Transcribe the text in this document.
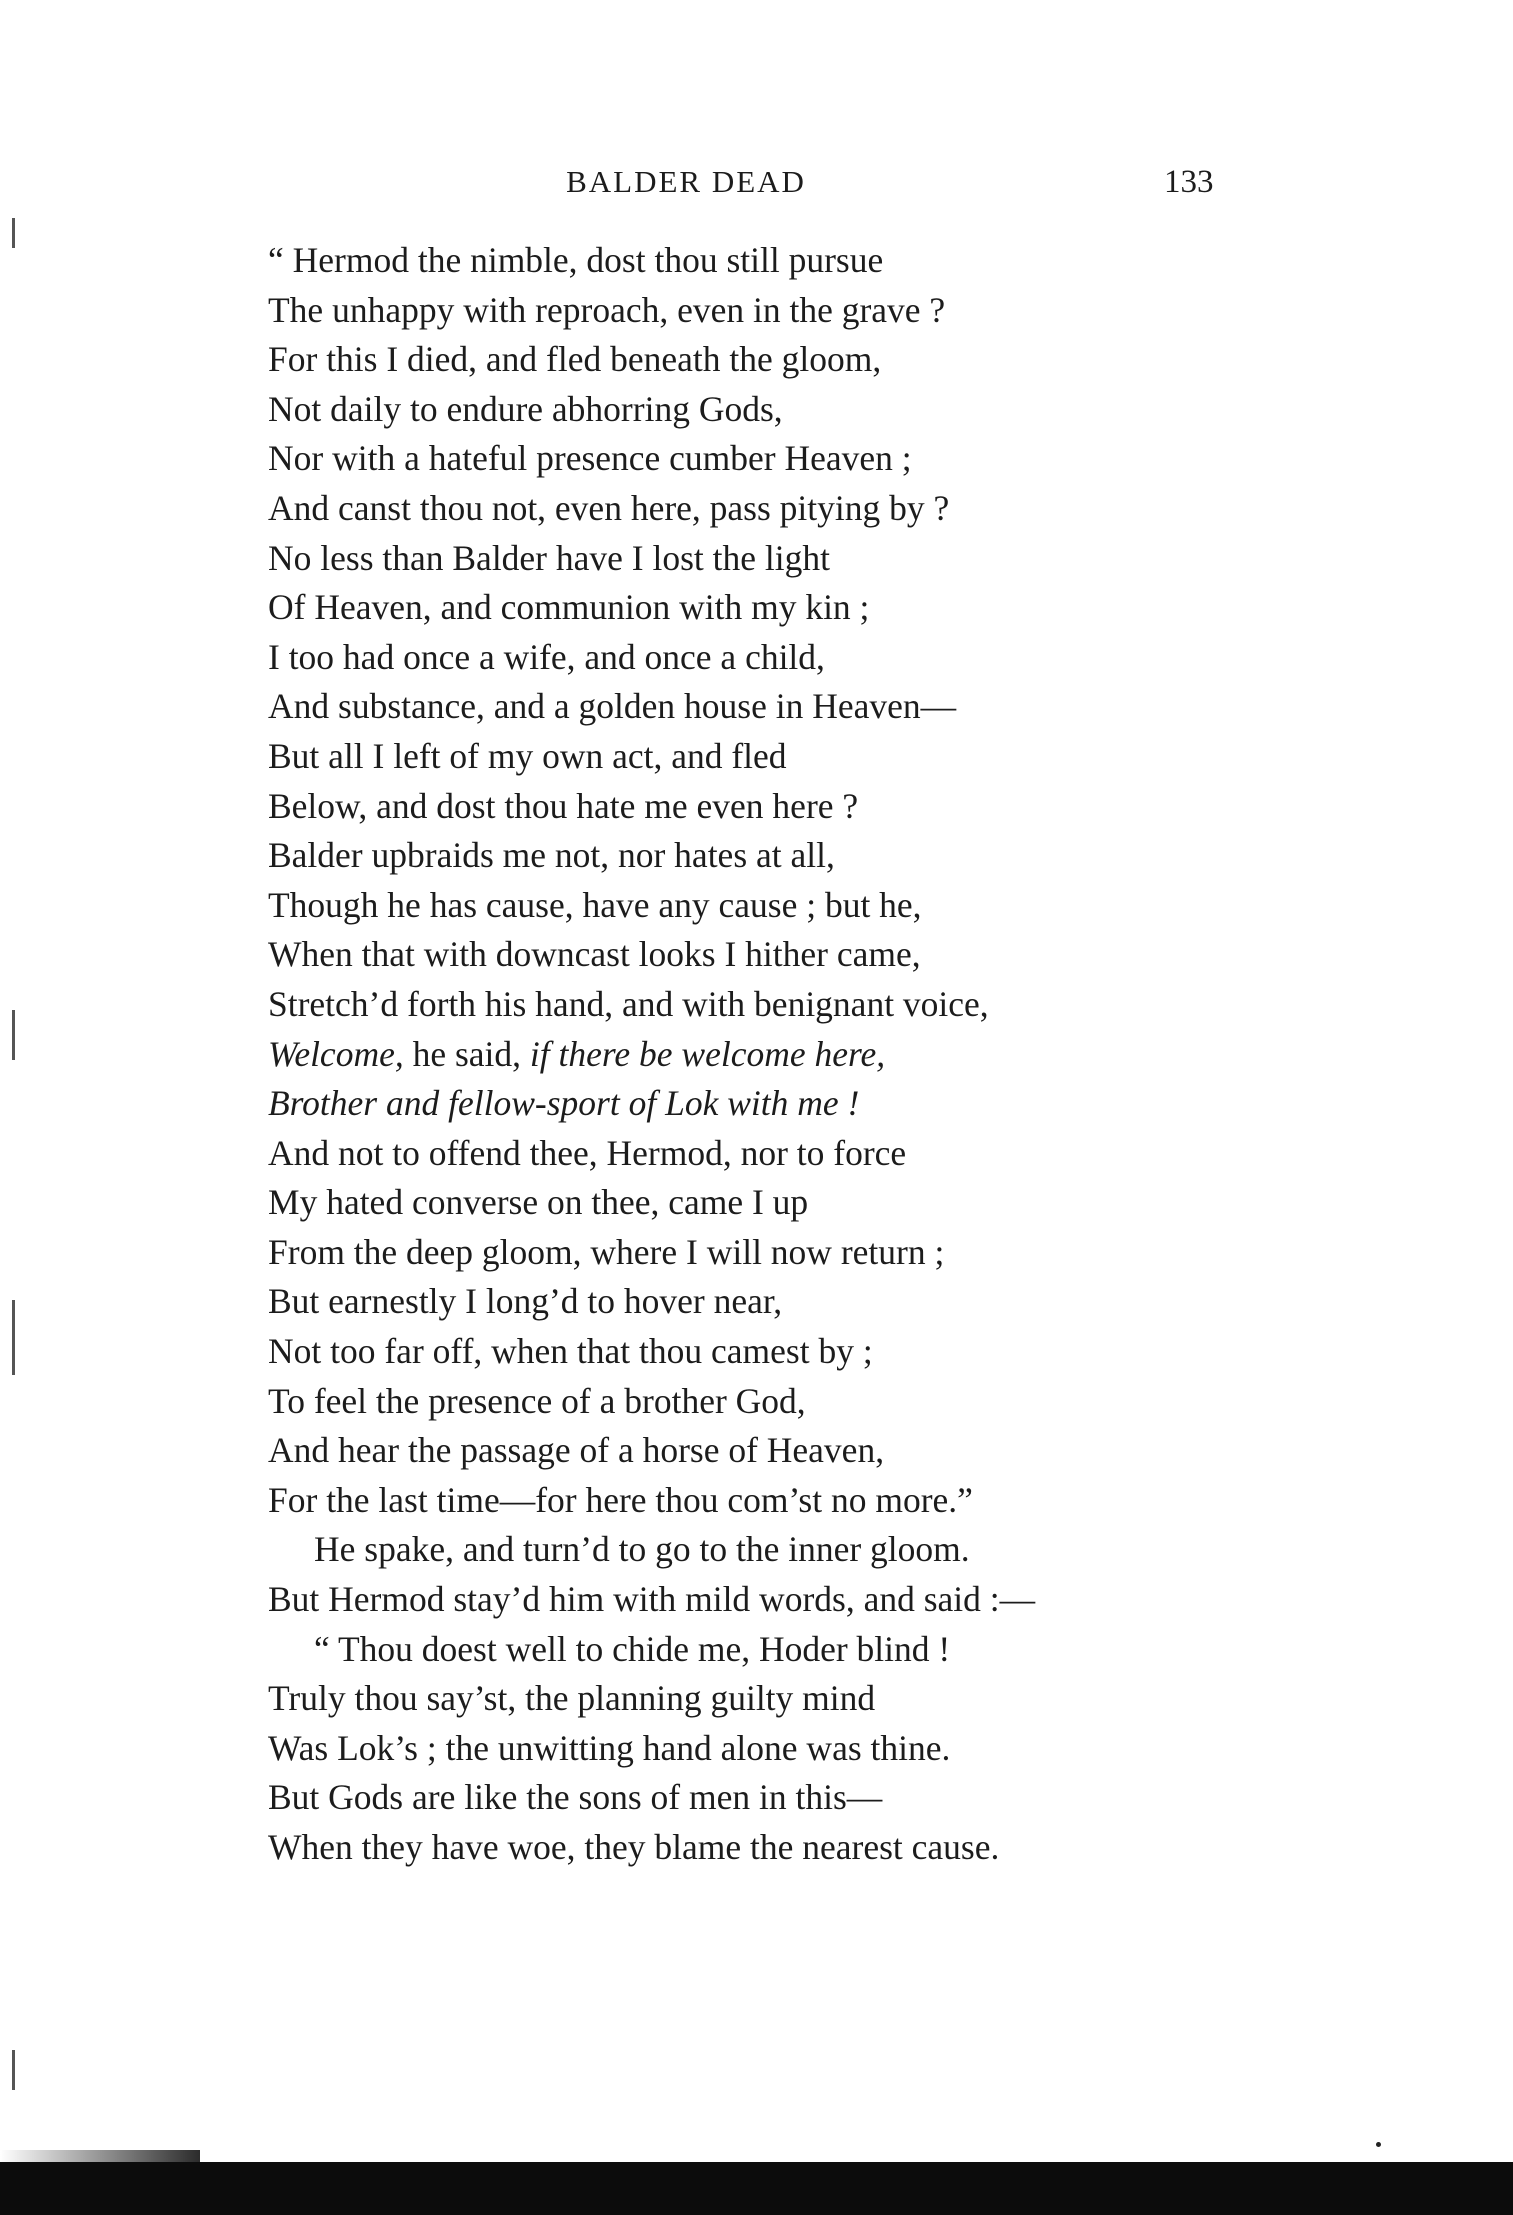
BALDER DEAD	133
“ Hermod the nimble, dost thou still pursue
The unhappy with reproach, even in the grave ?
For this I died, and fled beneath the gloom,
Not daily to endure abhorring Gods,
Nor with a hateful presence cumber Heaven ;
And canst thou not, even here, pass pitying by ?
No less than Balder have I lost the light
Of Heaven, and communion with my kin ;
I too had once a wife, and once a child,
And substance, and a golden house in Heaven—
But all I left of my own act, and fled
Below, and dost thou hate me even here ?
Balder upbraids me not, nor hates at all,
Though he has cause, have any cause ; but he,
When that with downcast looks I hither came,
Stretch’d forth his hand, and with benignant voice,
Welcome, he said, if there be welcome here,
Brother and fellow-sport of Lok with me !
And not to offend thee, Hermod, nor to force
My hated converse on thee, came I up
From the deep gloom, where I will now return ;
But earnestly I long’d to hover near,
Not too far off, when that thou camest by ;
To feel the presence of a brother God,
And hear the passage of a horse of Heaven,
For the last time—for here thou com’st no more.”
He spake, and turn’d to go to the inner gloom.
But Hermod stay’d him with mild words, and said :—
“ Thou doest well to chide me, Hoder blind !
Truly thou say’st, the planning guilty mind
Was Lok’s ; the unwitting hand alone was thine.
But Gods are like the sons of men in this—
When they have woe, they blame the nearest cause.
